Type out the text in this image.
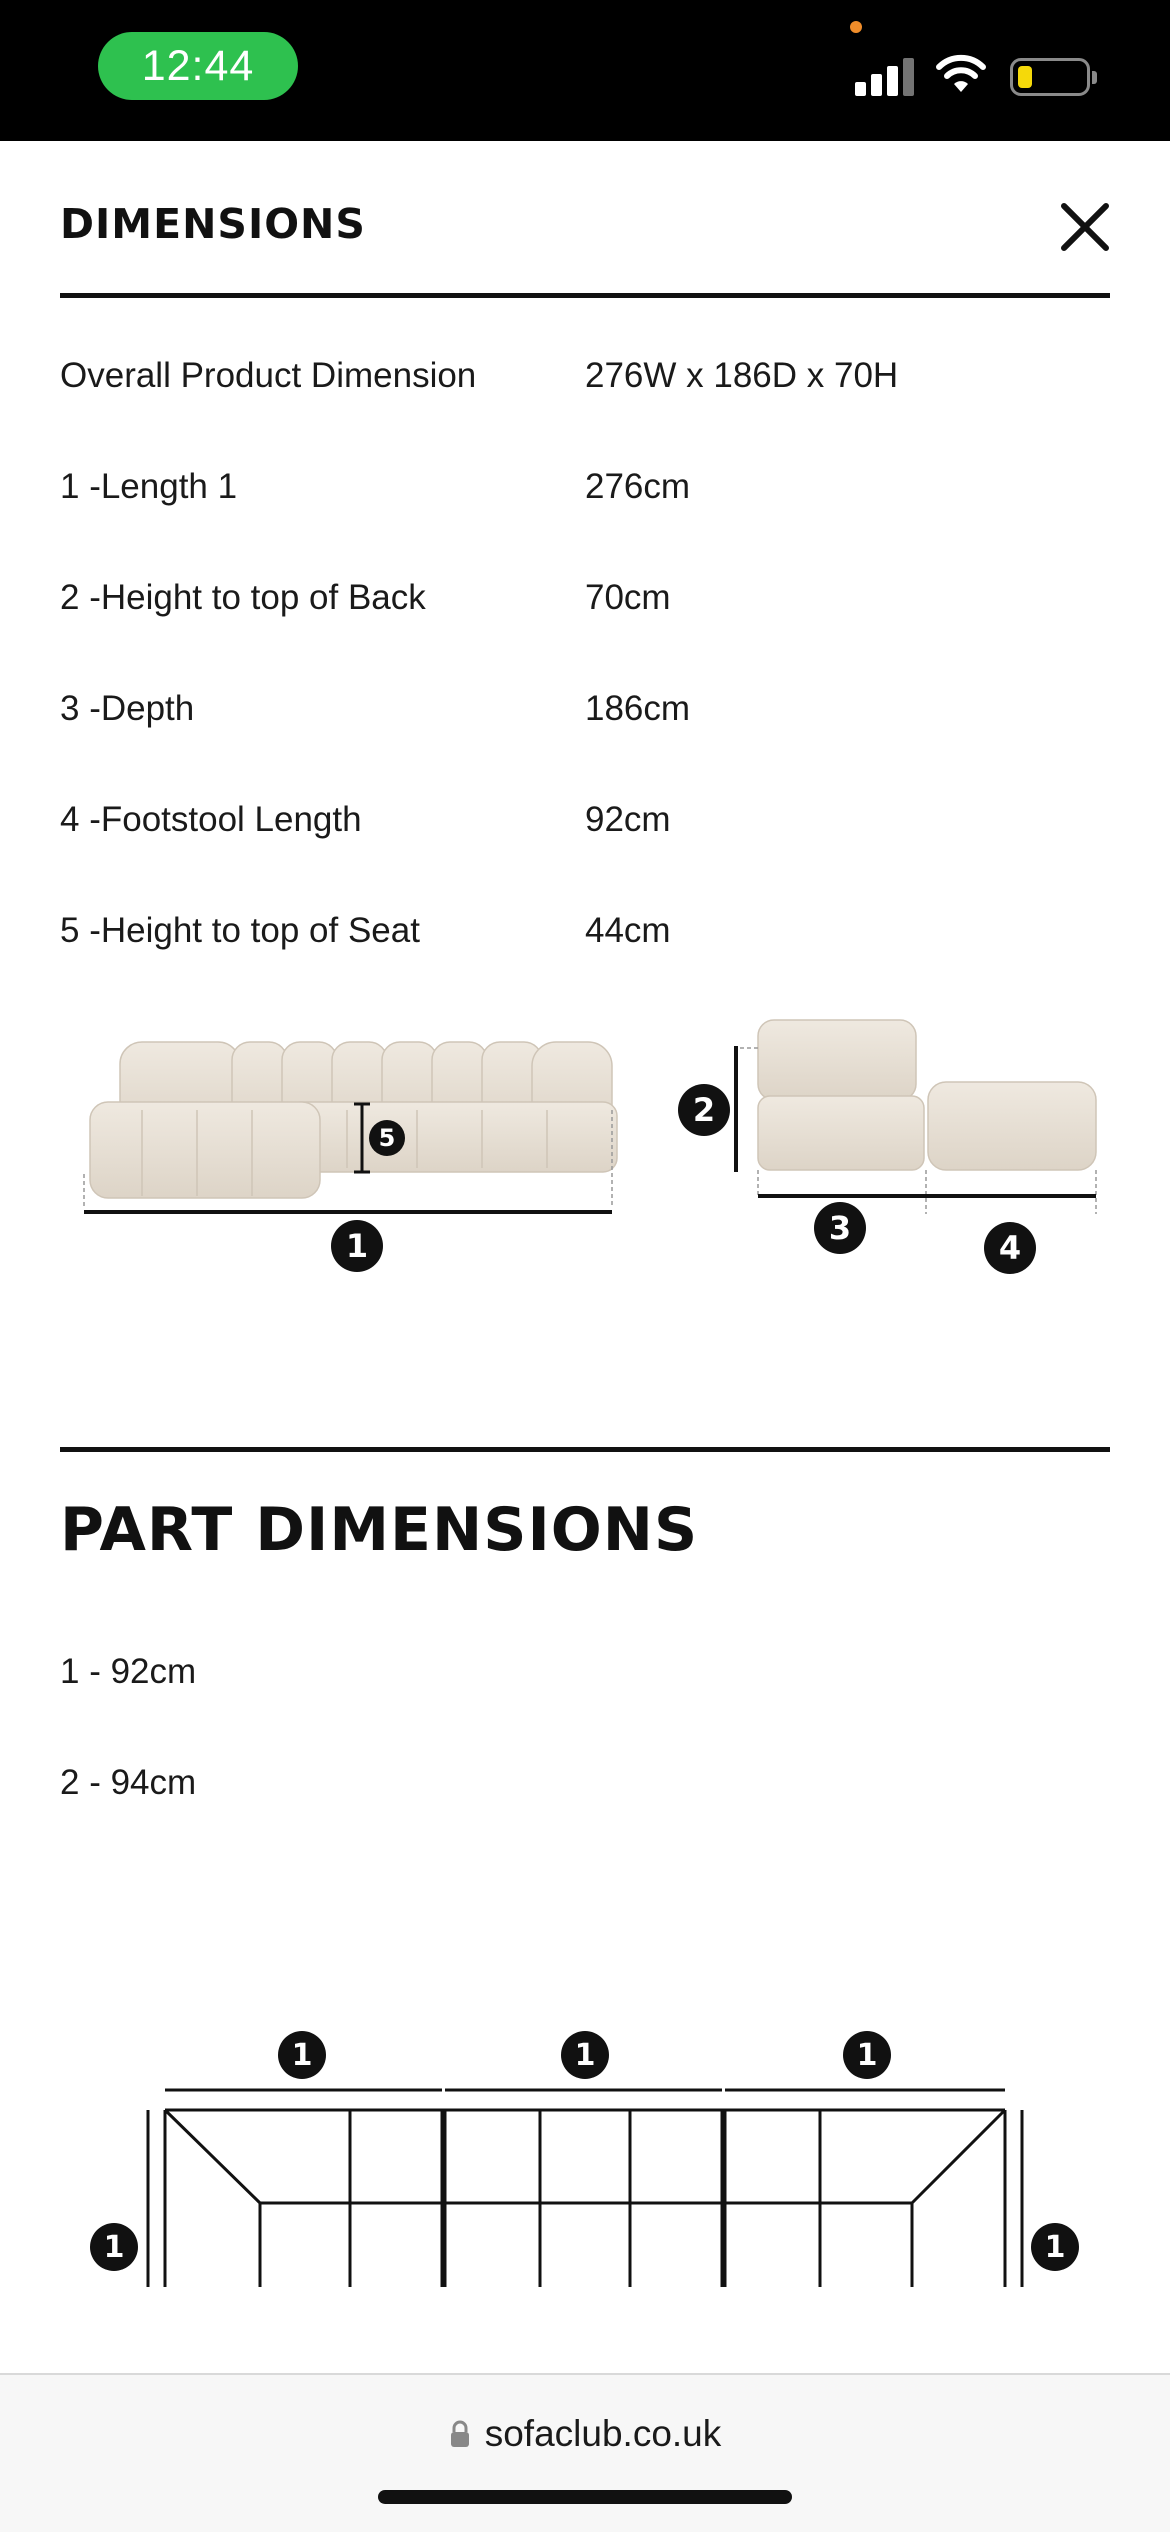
12:44
DIMENSIONS
Overall Product Dimension	276W x 186D x 70H
1 -Length 1	276cm
2 -Height to top of Back	70cm
3 -Depth	186cm
4 -Footstool Length	92cm
5 -Height to top of Seat	44cm
5
1
2
3
4
PART DIMENSIONS
1 - 92cm
2 - 94cm
1	1	1
1	1
sofaclub.co.uk
